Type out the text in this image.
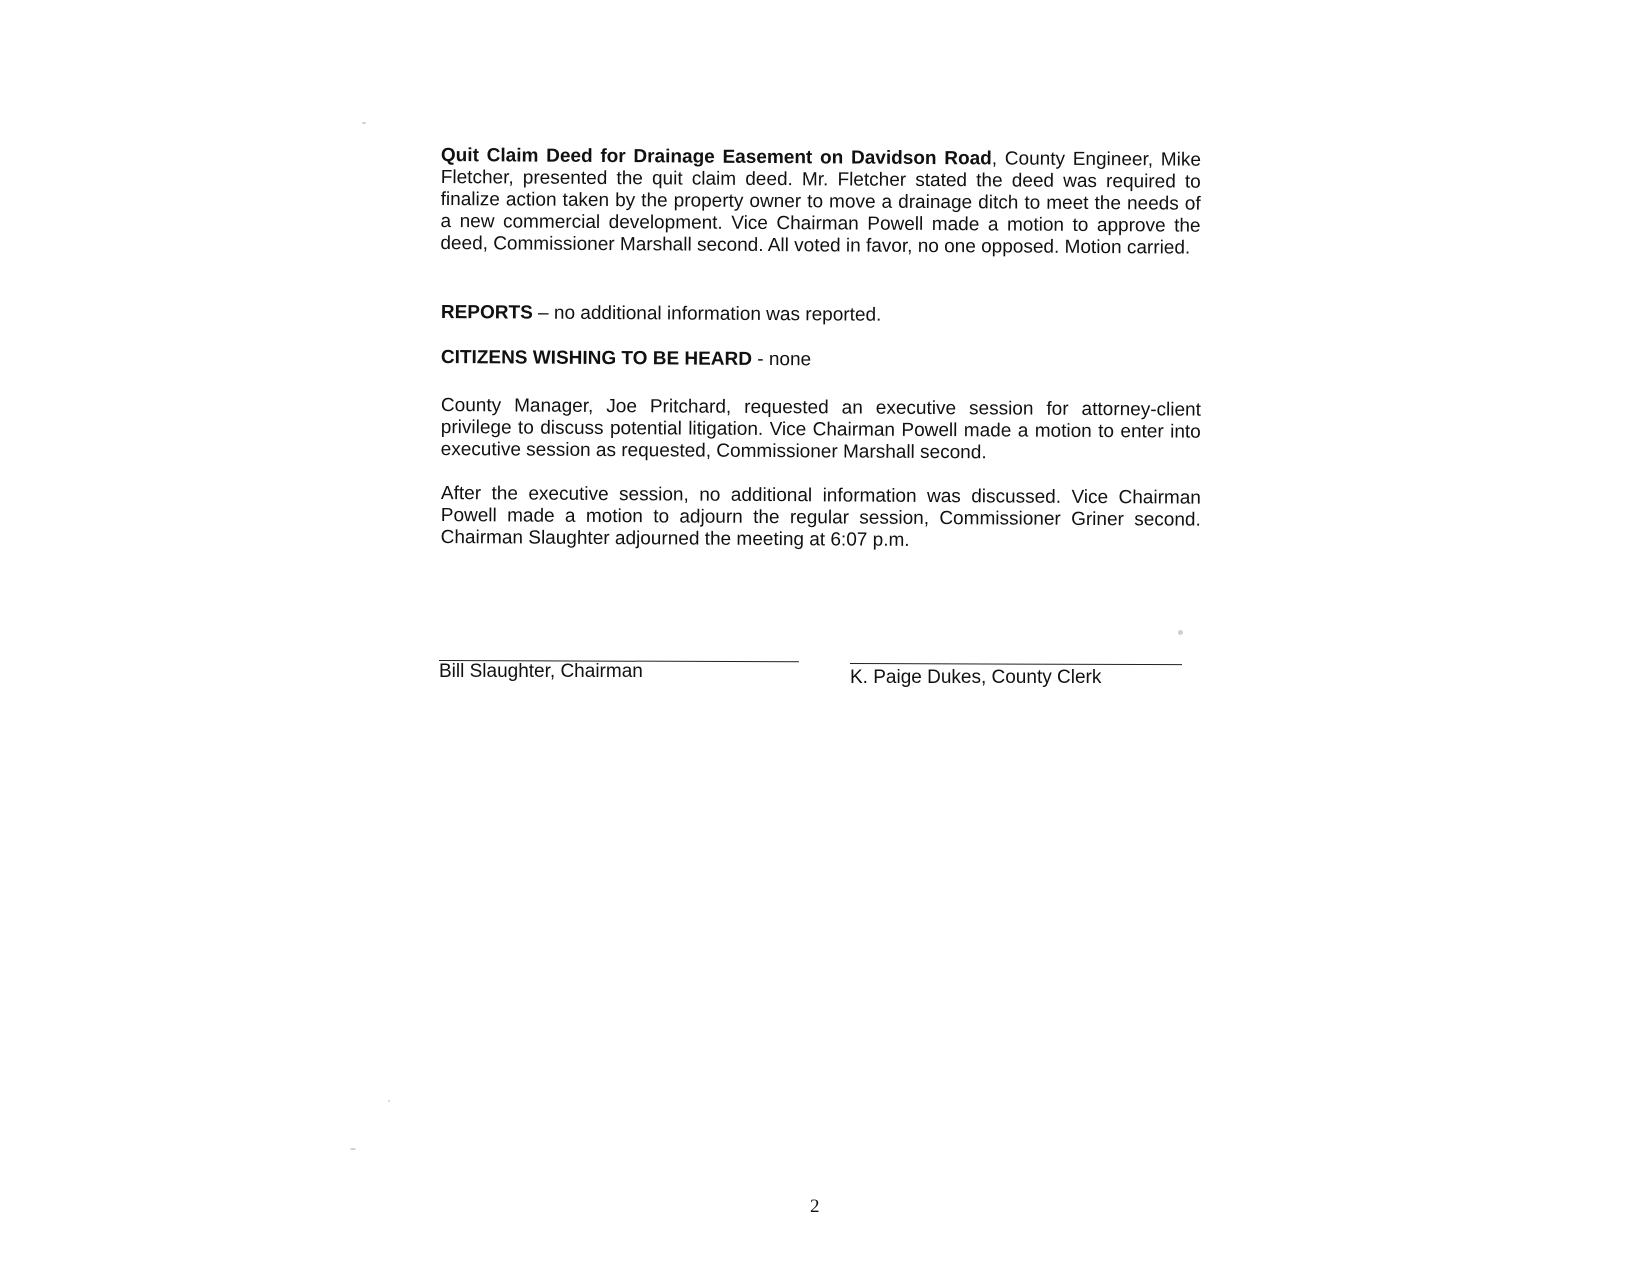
Quit Claim Deed for Drainage Easement on Davidson Road, County Engineer, Mike Fletcher, presented the quit claim deed. Mr. Fletcher stated the deed was required to finalize action taken by the property owner to move a drainage ditch to meet the needs of a new commercial development. Vice Chairman Powell made a motion to approve the deed, Commissioner Marshall second. All voted in favor, no one opposed. Motion carried.

REPORTS – no additional information was reported.

CITIZENS WISHING TO BE HEARD - none

County Manager, Joe Pritchard, requested an executive session for attorney-client privilege to discuss potential litigation. Vice Chairman Powell made a motion to enter into executive session as requested, Commissioner Marshall second.

After the executive session, no additional information was discussed. Vice Chairman Powell made a motion to adjourn the regular session, Commissioner Griner second. Chairman Slaughter adjourned the meeting at 6:07 p.m.

Bill Slaughter, Chairman	K. Paige Dukes, County Clerk

2
